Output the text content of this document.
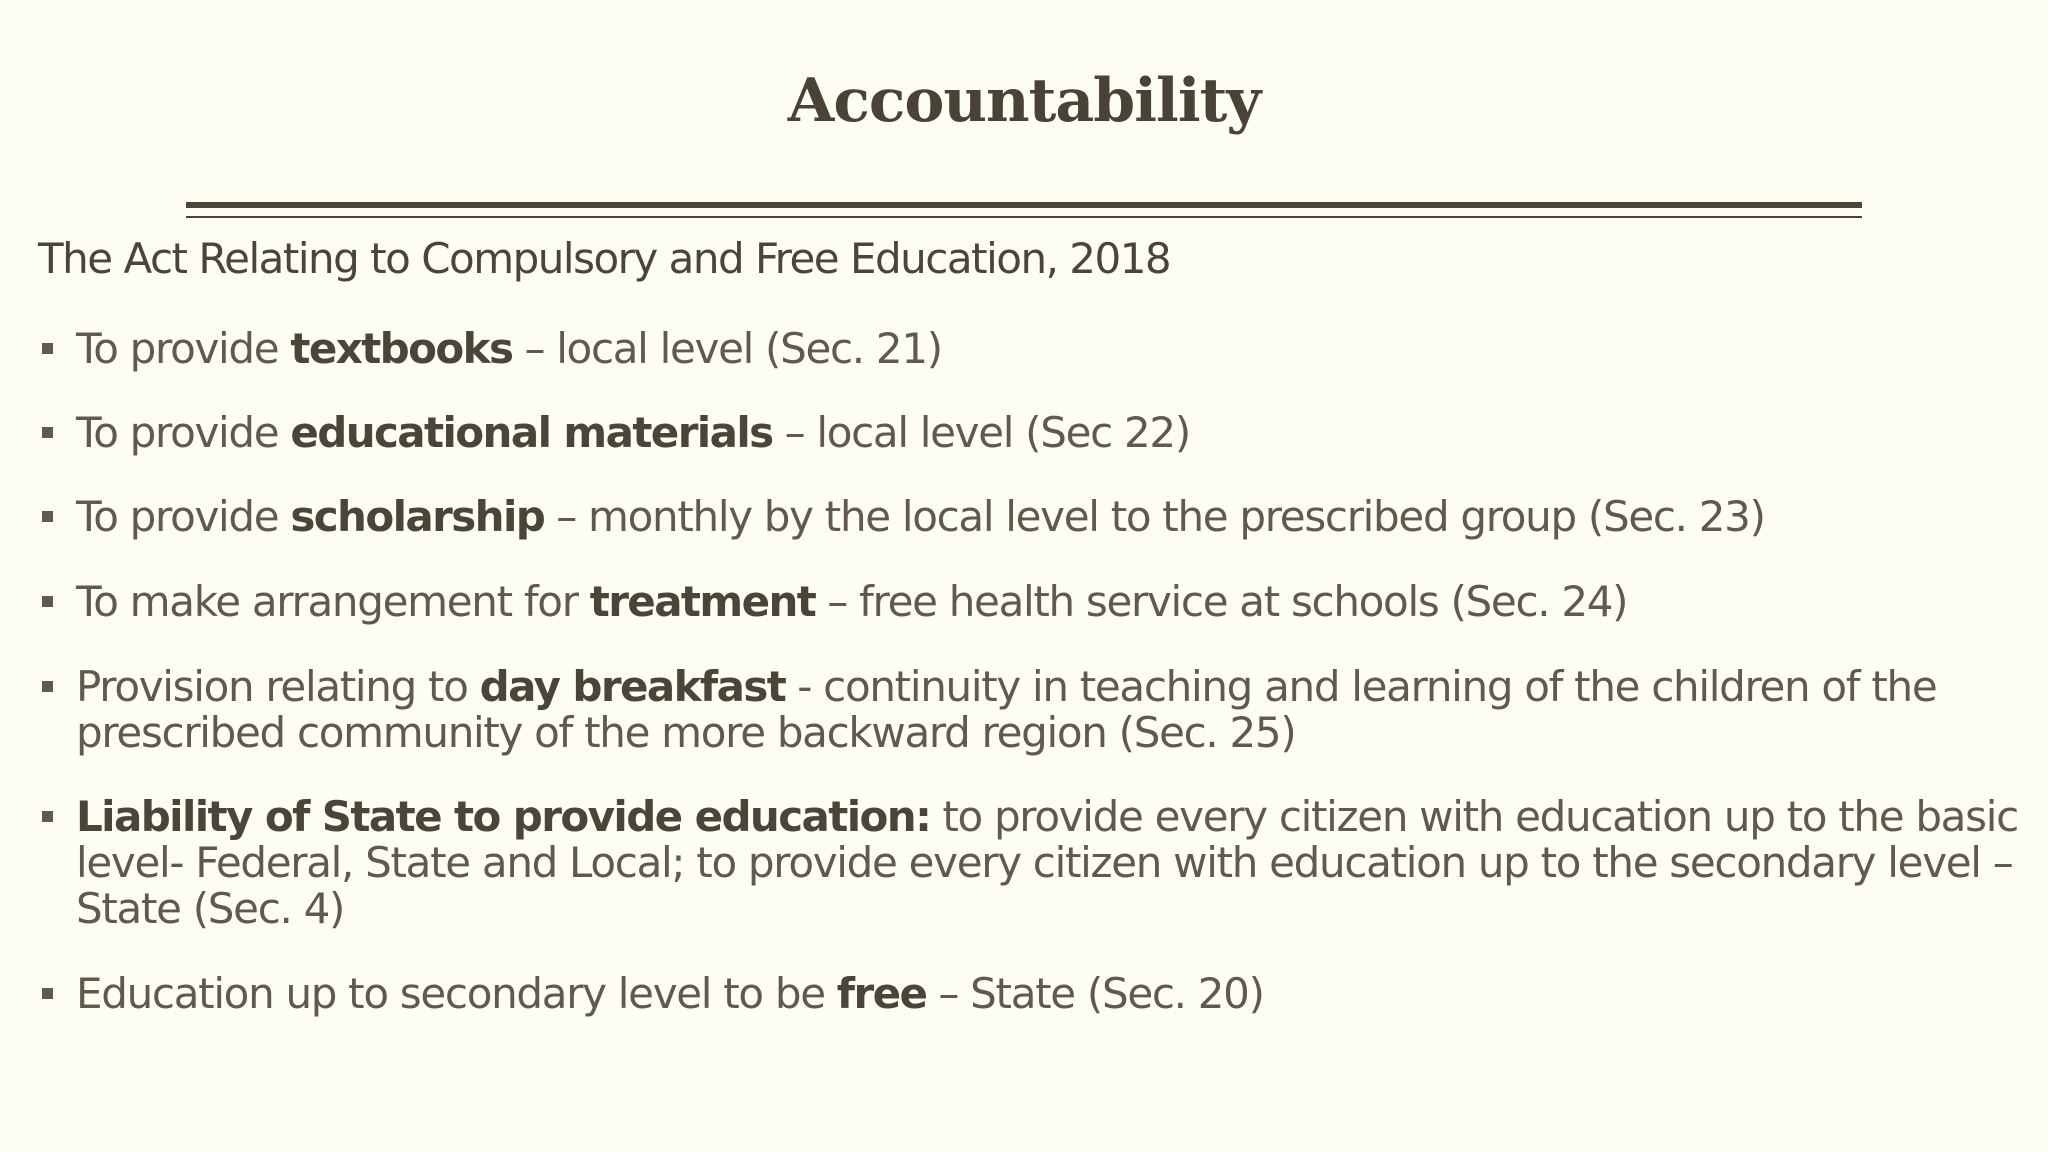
Accountability

The Act Relating to Compulsory and Free Education, 2018

To provide textbooks – local level (Sec. 21)
To provide educational materials – local level (Sec 22)
To provide scholarship – monthly by the local level to the prescribed group (Sec. 23)
To make arrangement for treatment – free health service at schools (Sec. 24)
Provision relating to day breakfast - continuity in teaching and learning of the children of the prescribed community of the more backward region (Sec. 25)
Liability of State to provide education: to provide every citizen with education up to the basic level- Federal, State and Local; to provide every citizen with education up to the secondary level – State (Sec. 4)
Education up to secondary level to be free – State (Sec. 20)
